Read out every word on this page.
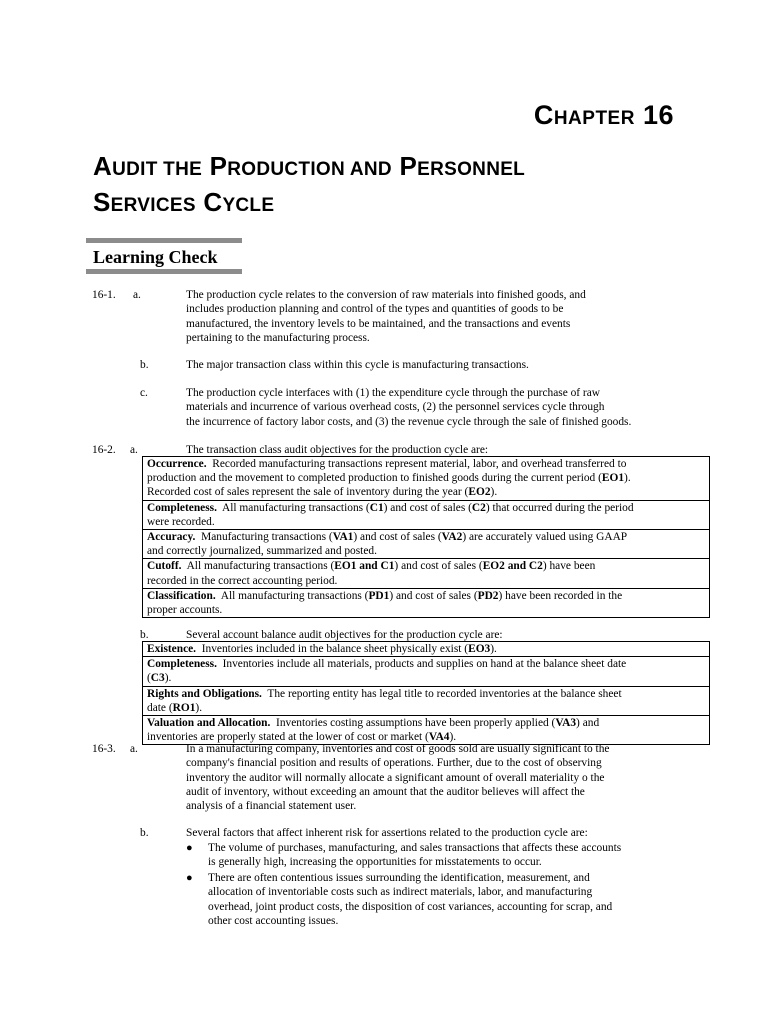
CHAPTER 16
AUDIT THE PRODUCTION AND PERSONNEL
SERVICES CYCLE
Learning Check
16-1. a.	The production cycle relates to the conversion of raw materials into finished goods, and
includes production planning and control of the types and quantities of goods to be
manufactured, the inventory levels to be maintained, and the transactions and events
pertaining to the manufacturing process.
b.	The major transaction class within this cycle is manufacturing transactions.
c.	The production cycle interfaces with (1) the expenditure cycle through the purchase of raw
materials and incurrence of various overhead costs, (2) the personnel services cycle through
the incurrence of factory labor costs, and (3) the revenue cycle through the sale of finished goods.
16-2. a.	The transaction class audit objectives for the production cycle are:
Occurrence. Recorded manufacturing transactions represent material, labor, and overhead transferred to
production and the movement to completed production to finished goods during the current period (EO1).
Recorded cost of sales represent the sale of inventory during the year (EO2).
Completeness. All manufacturing transactions (C1) and cost of sales (C2) that occurred during the period
were recorded.
Accuracy. Manufacturing transactions (VA1) and cost of sales (VA2) are accurately valued using GAAP
and correctly journalized, summarized and posted.
Cutoff. All manufacturing transactions (EO1 and C1) and cost of sales (EO2 and C2) have been
recorded in the correct accounting period.
Classification. All manufacturing transactions (PD1) and cost of sales (PD2) have been recorded in the
proper accounts.
b.	Several account balance audit objectives for the production cycle are:
Existence. Inventories included in the balance sheet physically exist (EO3).
Completeness. Inventories include all materials, products and supplies on hand at the balance sheet date
(C3).
Rights and Obligations. The reporting entity has legal title to recorded inventories at the balance sheet
date (RO1).
Valuation and Allocation. Inventories costing assumptions have been properly applied (VA3) and
inventories are properly stated at the lower of cost or market (VA4).
16-3. a.	In a manufacturing company, inventories and cost of goods sold are usually significant to the
company's financial position and results of operations. Further, due to the cost of observing
inventory the auditor will normally allocate a significant amount of overall materiality o the
audit of inventory, without exceeding an amount that the auditor believes will affect the
analysis of a financial statement user.
b.	Several factors that affect inherent risk for assertions related to the production cycle are:
● The volume of purchases, manufacturing, and sales transactions that affects these accounts
is generally high, increasing the opportunities for misstatements to occur.
● There are often contentious issues surrounding the identification, measurement, and
allocation of inventoriable costs such as indirect materials, labor, and manufacturing
overhead, joint product costs, the disposition of cost variances, accounting for scrap, and
other cost accounting issues.
